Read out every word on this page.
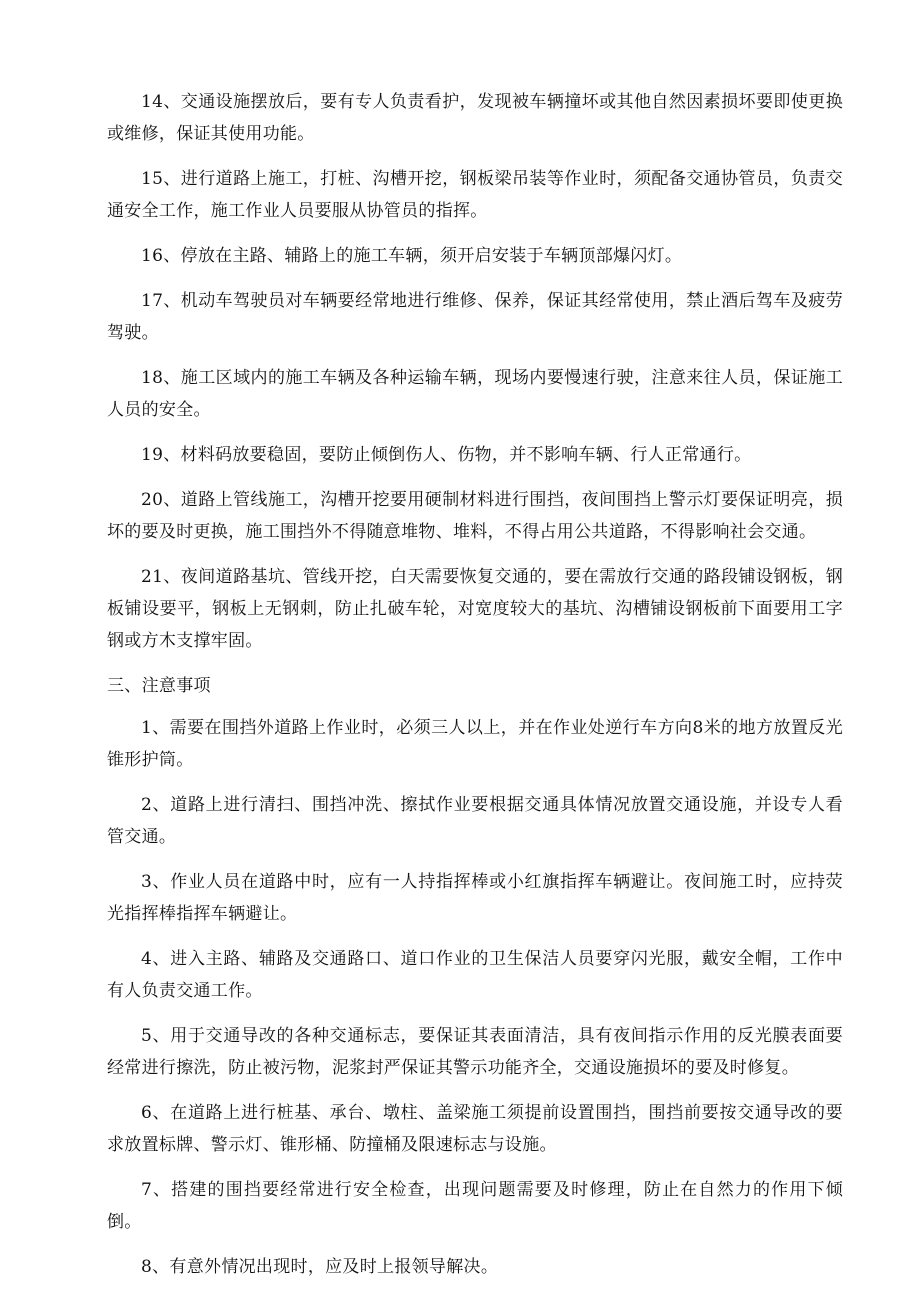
14、交通设施摆放后，要有专人负责看护，发现被车辆撞坏或其他自然因素损坏要即使更换或维修，保证其使用功能。

15、进行道路上施工，打桩、沟槽开挖，钢板梁吊装等作业时，须配备交通协管员，负责交通安全工作，施工作业人员要服从协管员的指挥。

16、停放在主路、辅路上的施工车辆，须开启安装于车辆顶部爆闪灯。

17、机动车驾驶员对车辆要经常地进行维修、保养，保证其经常使用，禁止酒后驾车及疲劳驾驶。

18、施工区域内的施工车辆及各种运输车辆，现场内要慢速行驶，注意来往人员，保证施工人员的安全。

19、材料码放要稳固，要防止倾倒伤人、伤物，并不影响车辆、行人正常通行。

20、道路上管线施工，沟槽开挖要用硬制材料进行围挡，夜间围挡上警示灯要保证明亮，损坏的要及时更换，施工围挡外不得随意堆物、堆料，不得占用公共道路，不得影响社会交通。

21、夜间道路基坑、管线开挖，白天需要恢复交通的，要在需放行交通的路段铺设钢板，钢板铺设要平，钢板上无钢刺，防止扎破车轮，对宽度较大的基坑、沟槽铺设钢板前下面要用工字钢或方木支撑牢固。

三、注意事项

1、需要在围挡外道路上作业时，必须三人以上，并在作业处逆行车方向8米的地方放置反光锥形护筒。

2、道路上进行清扫、围挡冲洗、擦拭作业要根据交通具体情况放置交通设施，并设专人看管交通。

3、作业人员在道路中时，应有一人持指挥棒或小红旗指挥车辆避让。夜间施工时，应持荧光指挥棒指挥车辆避让。

4、进入主路、辅路及交通路口、道口作业的卫生保洁人员要穿闪光服，戴安全帽，工作中有人负责交通工作。

5、用于交通导改的各种交通标志，要保证其表面清洁，具有夜间指示作用的反光膜表面要经常进行擦洗，防止被污物，泥浆封严保证其警示功能齐全，交通设施损坏的要及时修复。

6、在道路上进行桩基、承台、墩柱、盖梁施工须提前设置围挡，围挡前要按交通导改的要求放置标牌、警示灯、锥形桶、防撞桶及限速标志与设施。

7、搭建的围挡要经常进行安全检查，出现问题需要及时修理，防止在自然力的作用下倾倒。

8、有意外情况出现时，应及时上报领导解决。
